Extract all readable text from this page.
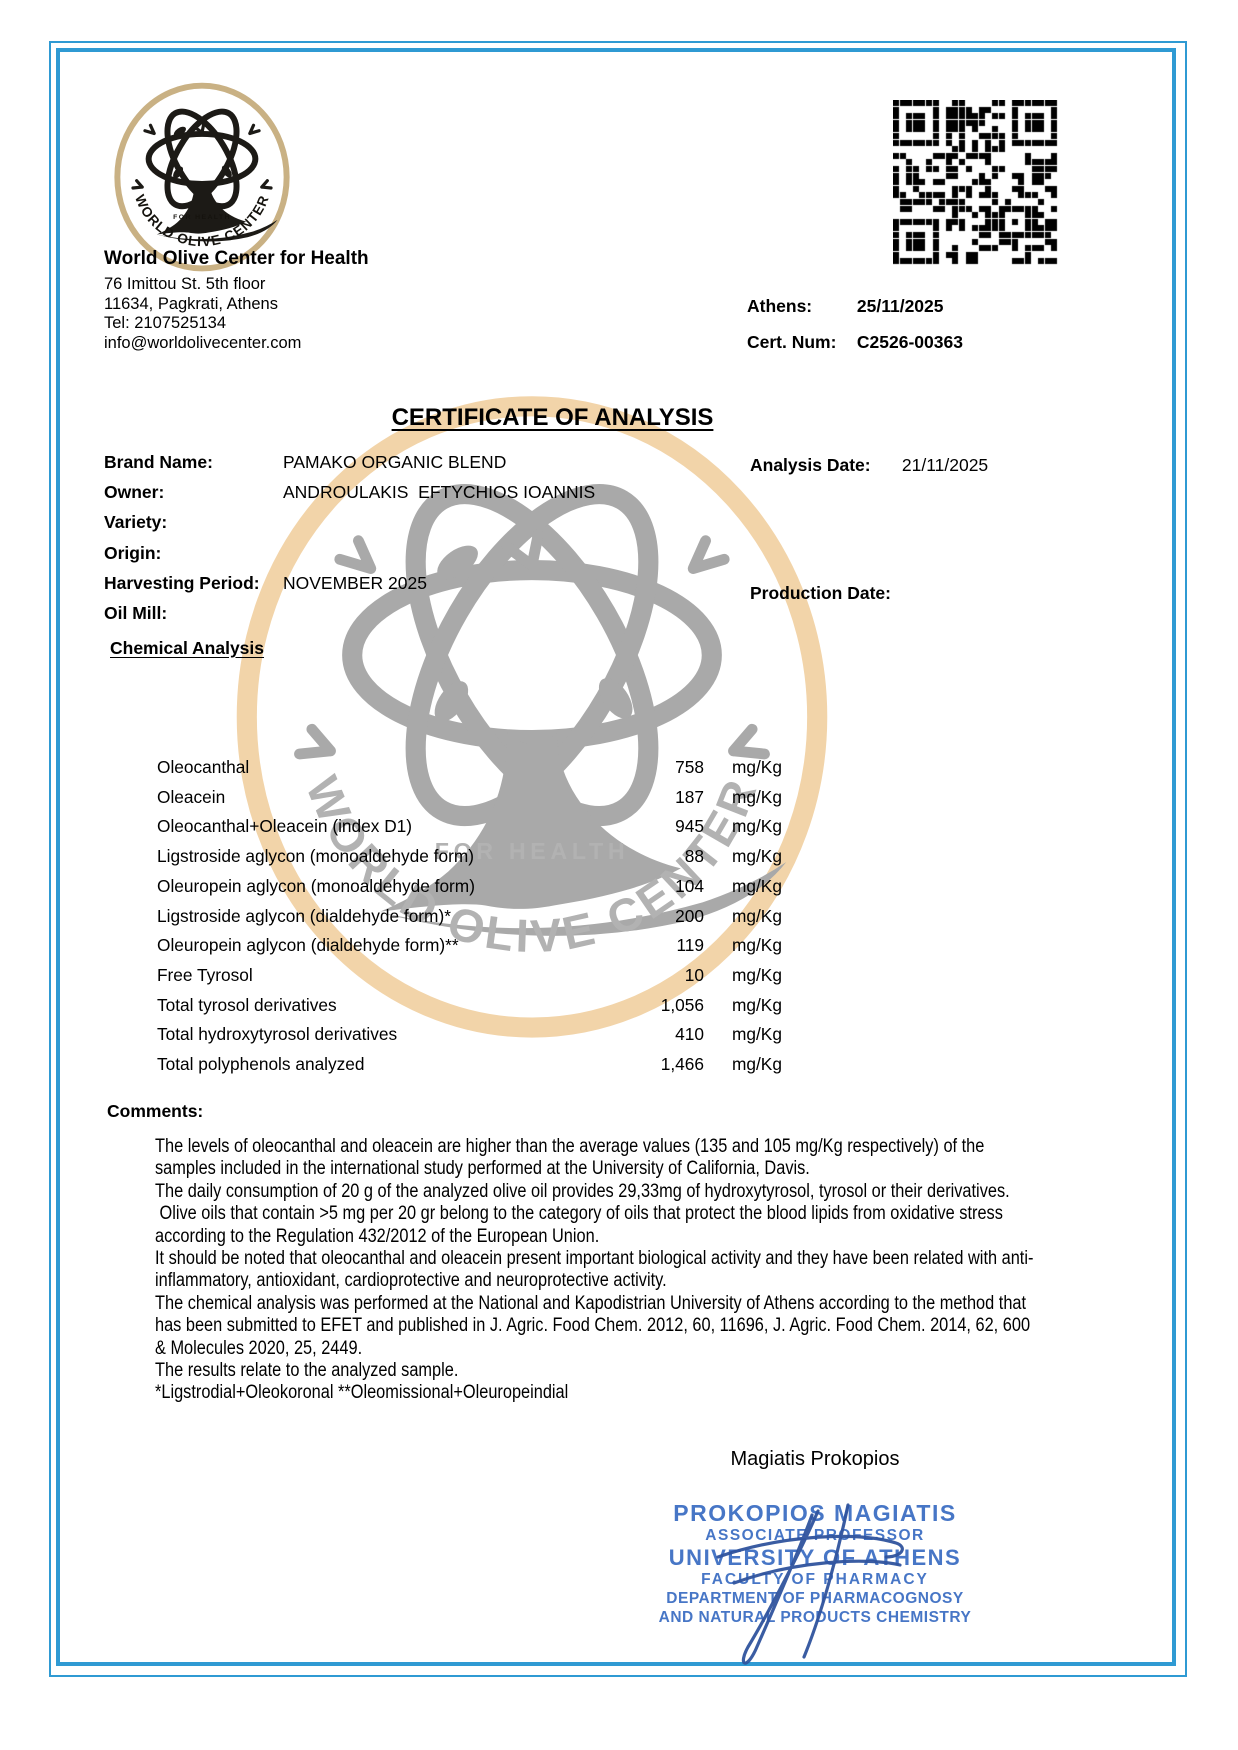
World Olive Center for Health
76 Imittou St. 5th floor
11634, Pagkrati, Athens
Tel: 2107525134
info@worldolivecenter.com
Athens:	25/11/2025
Cert. Num: C2526-00363
CERTIFICATE OF ANALYSIS
Brand Name:	PAMAKO ORGANIC BLEND
Owner:	ANDROULAKIS  EFTYCHIOS IOANNIS
Variety:
Origin:
Harvesting Period: NOVEMBER 2025
Oil Mill:
Analysis Date: 21/11/2025
Production Date:
Chemical Analysis
Oleocanthal	758 mg/Kg
Oleacein	187 mg/Kg
Oleocanthal+Oleacein (index D1)	945 mg/Kg
Ligstroside aglycon (monoaldehyde form)	88 mg/Kg
Oleuropein aglycon (monoaldehyde form)	104 mg/Kg
Ligstroside aglycon (dialdehyde form)*	200 mg/Kg
Oleuropein aglycon (dialdehyde form)**	119 mg/Kg
Free Tyrosol	10 mg/Kg
Total tyrosol derivatives	1,056 mg/Kg
Total hydroxytyrosol derivatives	410 mg/Kg
Total polyphenols analyzed	1,466 mg/Kg
Comments:

The levels of oleocanthal and oleacein are higher than the average values (135 and 105 mg/Kg respectively) of the samples included in the international study performed at the University of California, Davis.

The daily consumption of 20 g of the analyzed olive oil provides 29,33mg of hydroxytyrosol, tyrosol or their derivatives.

Olive oils that contain >5 mg per 20 gr belong to the category of oils that protect the blood lipids from oxidative stress according to the Regulation 432/2012 of the European Union.

It should be noted that oleocanthal and oleacein present important biological activity and they have been related with anti-inflammatory, antioxidant, cardioprotective and neuroprotective activity.

The chemical analysis was performed at the National and Kapodistrian University of Athens according to the method that has been submitted to EFET and published in J. Agric. Food Chem. 2012, 60, 11696, J. Agric. Food Chem. 2014, 62, 600 & Molecules 2020, 25, 2449.

The results relate to the analyzed sample.

*Ligstrodial+Oleokoronal **Oleomissional+Oleuropeindial

Magiatis Prokopios
PROKOPIOS MAGIATIS
ASSOCIATE PROFESSOR
UNIVERSITY OF ATHENS
FACULTY OF PHARMACY
DEPARTMENT OF PHARMACOGNOSY
AND NATURAL PRODUCTS CHEMISTRY
